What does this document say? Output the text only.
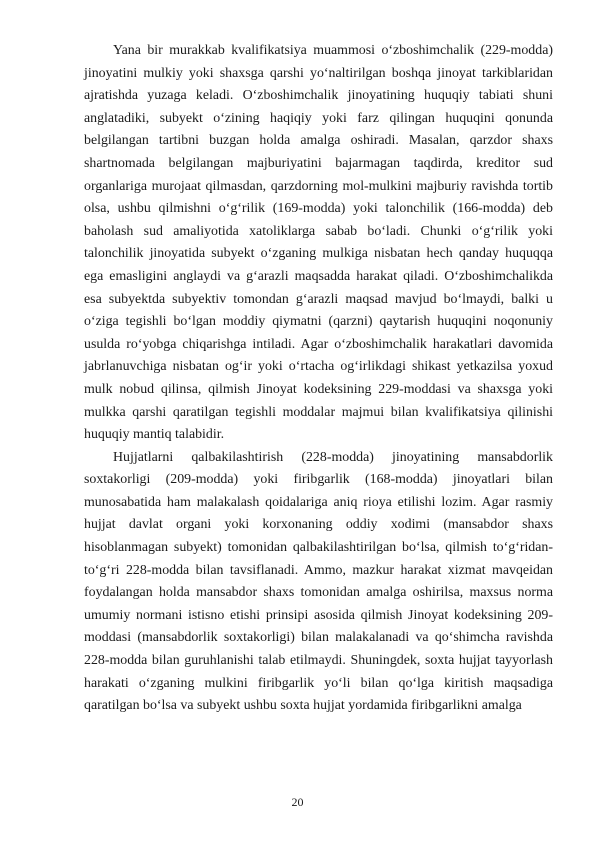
Yana bir murakkab kvalifikatsiya muammosi o‘zboshimchalik (229-modda) jinoyatini mulkiy yoki shaxsga qarshi yo‘naltirilgan boshqa jinoyat tarkiblaridan ajratishda yuzaga keladi. O‘zboshimchalik jinoyatining huquqiy tabiati shuni anglatadiki, subyekt o‘zining haqiqiy yoki farz qilingan huquqini qonunda belgilangan tartibni buzgan holda amalga oshiradi. Masalan, qarzdor shaxs shartnomada belgilangan majburiyatini bajarmagan taqdirda, kreditor sud organlariga murojaat qilmasdan, qarzdorning mol-mulkini majburiy ravishda tortib olsa, ushbu qilmishni o‘g‘rilik (169-modda) yoki talonchilik (166-modda) deb baholash sud amaliyotida xatoliklarga sabab bo‘ladi. Chunki o‘g‘rilik yoki talonchilik jinoyatida subyekt o‘zganing mulkiga nisbatan hech qanday huquqqa ega emasligini anglaydi va g‘arazli maqsadda harakat qiladi. O‘zboshimchalikda esa subyektda subyektiv tomondan g‘arazli maqsad mavjud bo‘lmaydi, balki u o‘ziga tegishli bo‘lgan moddiy qiymatni (qarzni) qaytarish huquqini noqonuniy usulda ro‘yobga chiqarishga intiladi. Agar o‘zboshimchalik harakatlari davomida jabrlanuvchiga nisbatan og‘ir yoki o‘rtacha og‘irlikdagi shikast yetkazilsa yoxud mulk nobud qilinsa, qilmish Jinoyat kodeksining 229-moddasi va shaxsga yoki mulkka qarshi qaratilgan tegishli moddalar majmui bilan kvalifikatsiya qilinishi huquqiy mantiq talabidir.

Hujjatlarni qalbakilashtirish (228-modda) jinoyatining mansabdorlik soxtakorligi (209-modda) yoki firibgarlik (168-modda) jinoyatlari bilan munosabatida ham malakalash qoidalariga aniq rioya etilishi lozim. Agar rasmiy hujjat davlat organi yoki korxonaning oddiy xodimi (mansabdor shaxs hisoblanmagan subyekt) tomonidan qalbakilashtirilgan bo‘lsa, qilmish to‘g‘ridan-to‘g‘ri 228-modda bilan tavsiflanadi. Ammo, mazkur harakat xizmat mavqeidan foydalangan holda mansabdor shaxs tomonidan amalga oshirilsa, maxsus norma umumiy normani istisno etishi prinsipi asosida qilmish Jinoyat kodeksining 209-moddasi (mansabdorlik soxtakorligi) bilan malakalanadi va qo‘shimcha ravishda 228-modda bilan guruhlanishi talab etilmaydi. Shuningdek, soxta hujjat tayyorlash harakati o‘zganing mulkini firibgarlik yo‘li bilan qo‘lga kiritish maqsadiga qaratilgan bo‘lsa va subyekt ushbu soxta hujjat yordamida firibgarlikni amalga

20
